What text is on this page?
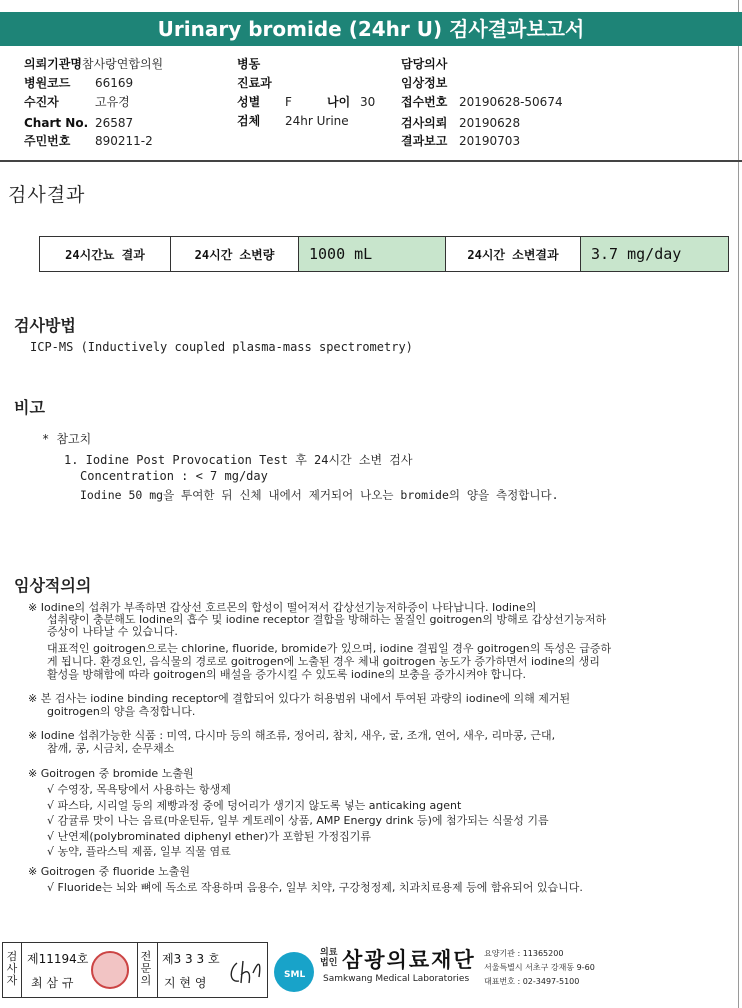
Urinary bromide (24hr U) 검사결과보고서
의뢰기관명 참사랑연합의원
병원코드 66169
수진자	고유경
Chart No. 26587
주민번호 890211-2
병동
진료과
성별 F	나이 30
검체 24hr Urine
담당의사
임상정보
접수번호 20190628-50674
검사의뢰 20190628
결과보고 20190703
검사결과
24시간뇨 결과	24시간 소변량	1000 mL	24시간 소변결과	3.7 mg/day
검사방법
ICP-MS (Inductively coupled plasma-mass spectrometry)
비고
* 참고치
1. Iodine Post Provocation Test 후 24시간 소변 검사
Concentration : < 7 mg/day
Iodine 50 mg을 투여한 뒤 신체 내에서 제거되어 나오는 bromide의 양을 측정합니다.
임상적의의
※ Iodine의 섭취가 부족하면 갑상선 호르몬의 합성이 떨어져서 갑상선기능저하증이 나타납니다. Iodine의
섭취량이 충분해도 Iodine의 흡수 및 iodine receptor 결합을 방해하는 물질인 goitrogen의 방해로 갑상선기능저하
증상이 나타날 수 있습니다.
대표적인 goitrogen으로는 chlorine, fluoride, bromide가 있으며, iodine 결핍일 경우 goitrogen의 독성은 급증하
게 됩니다. 환경요인, 음식물의 경로로 goitrogen에 노출된 경우 체내 goitrogen 농도가 증가하면서 iodine의 생리
활성을 방해함에 따라 goitrogen의 배설을 증가시킬 수 있도록 iodine의 보충을 증가시켜야 합니다.
※ 본 검사는 iodine binding receptor에 결합되어 있다가 허용범위 내에서 투여된 과량의 iodine에 의해 제거된
goitrogen의 양을 측정합니다.
※ Iodine 섭취가능한 식품 : 미역, 다시마 등의 해조류, 정어리, 참치, 새우, 굴, 조개, 연어, 새우, 리마콩, 근대,
참깨, 콩, 시금치, 순무채소
※ Goitrogen 중 bromide 노출원
√ 수영장, 목욕탕에서 사용하는 항생제
√ 파스타, 시리얼 등의 제빵과정 중에 덩어리가 생기지 않도록 넣는 anticaking agent
√ 감귤류 맛이 나는 음료(마운틴듀, 일부 게토레이 상품, AMP Energy drink 등)에 첨가되는 식물성 기름
√ 난연제(polybrominated diphenyl ether)가 포함된 가정집기류
√ 농약, 플라스틱 제품, 일부 직물 염료
※ Goitrogen 중 fluoride 노출원
√ Fluoride는 뇌와 뼈에 독소로 작용하며 음용수, 일부 치약, 구강청정제, 치과치료용제 등에 함유되어 있습니다.
검사자
제11194호
최 삼 규
전문의
제3 3 3 호
지 현 영
SML
의료법인 삼광의료재단
Samkwang Medical Laboratories
요양기관 : 11365200
서울특별시 서초구 강재동 9-60
대표번호 : 02-3497-5100
